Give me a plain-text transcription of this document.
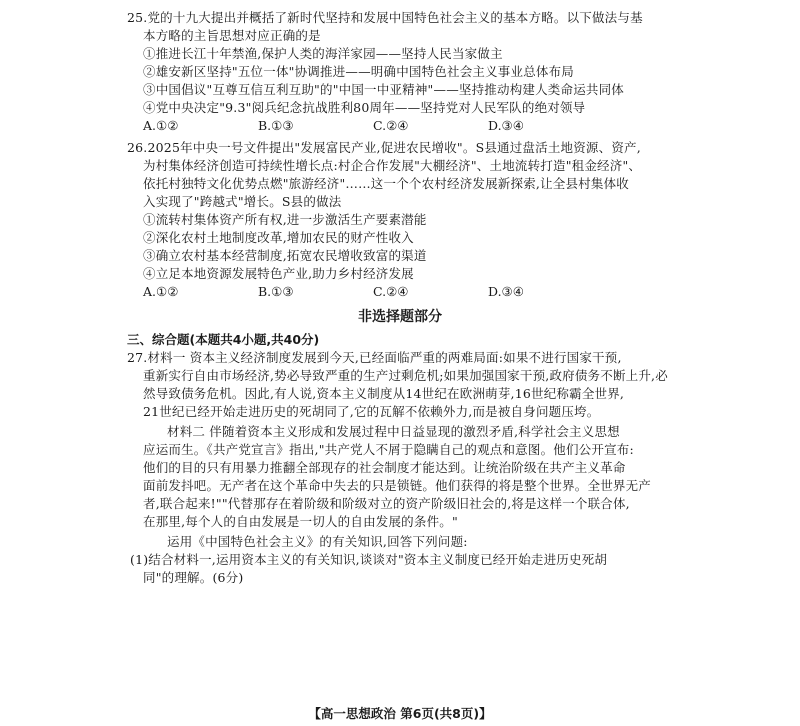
25.党的十九大提出并概括了新时代坚持和发展中国特色社会主义的基本方略。以下做法与基
本方略的主旨思想对应正确的是
①推进长江十年禁渔,保护人类的海洋家园——坚持人民当家做主
②雄安新区坚持"五位一体"协调推进——明确中国特色社会主义事业总体布局
③中国倡议"互尊互信互利互助"的"中国一中亚精神"——坚持推动构建人类命运共同体
④党中央决定"9.3"阅兵纪念抗战胜利80周年——坚持党对人民军队的绝对领导
A.①②	B.①③	C.②④	D.③④
26.2025年中央一号文件提出"发展富民产业,促进农民增收"。S县通过盘活土地资源、资产,
为村集体经济创造可持续性增长点:村企合作发展"大棚经济"、土地流转打造"租金经济"、
依托村独特文化优势点燃"旅游经济"……这一个个农村经济发展新探索,让全县村集体收
入实现了"跨越式"增长。S县的做法
①流转村集体资产所有权,进一步激活生产要素潜能
②深化农村土地制度改革,增加农民的财产性收入
③确立农村基本经营制度,拓宽农民增收致富的渠道
④立足本地资源发展特色产业,助力乡村经济发展
A.①②	B.①③	C.②④	D.③④
非选择题部分
三、综合题(本题共4小题,共40分)
27.材料一 资本主义经济制度发展到今天,已经面临严重的两难局面:如果不进行国家干预,
重新实行自由市场经济,势必导致严重的生产过剩危机;如果加强国家干预,政府债务不断上升,必
然导致债务危机。因此,有人说,资本主义制度从14世纪在欧洲萌芽,16世纪称霸全世界,
21世纪已经开始走进历史的死胡同了,它的瓦解不依赖外力,而是被自身问题压垮。
材料二 伴随着资本主义形成和发展过程中日益显现的激烈矛盾,科学社会主义思想
应运而生。《共产党宣言》指出,"共产党人不屑于隐瞒自己的观点和意图。他们公开宣布:
他们的目的只有用暴力推翻全部现存的社会制度才能达到。让统治阶级在共产主义革命
面前发抖吧。无产者在这个革命中失去的只是锁链。他们获得的将是整个世界。全世界无产
者,联合起来!""代替那存在着阶级和阶级对立的资产阶级旧社会的,将是这样一个联合体,
在那里,每个人的自由发展是一切人的自由发展的条件。"
运用《中国特色社会主义》的有关知识,回答下列问题:
(1)结合材料一,运用资本主义的有关知识,谈谈对"资本主义制度已经开始走进历史死胡
同"的理解。(6分)
【高一思想政治 第6页(共8页)】
